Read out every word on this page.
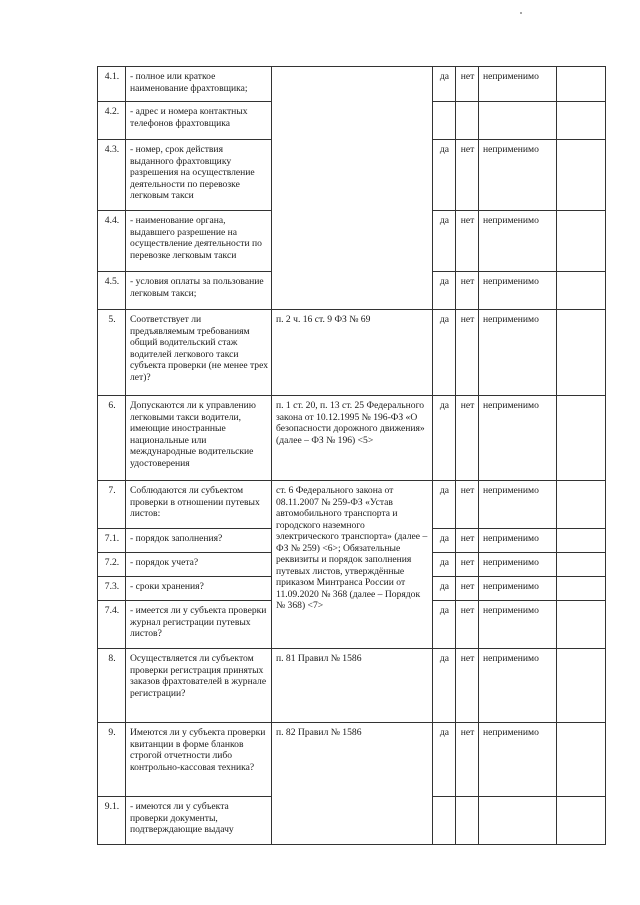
4.1.	- полное или краткое наименование фрахтовщика;		да	нет	неприменимо	
4.2.	- адрес и номера контактных телефонов фрахтовщика					
4.3.	- номер, срок действия выданного фрахтовщику разрешения на осуществление деятельности по перевозке легковым такси		да	нет	неприменимо	
4.4.	- наименование органа, выдавшего разрешение на осуществление деятельности по перевозке легковым такси		да	нет	неприменимо	
4.5.	- условия оплаты за пользование легковым такси;		да	нет	неприменимо	
5.	Соответствует ли предъявляемым требованиям общий водительский стаж водителей легкового такси субъекта проверки (не менее трех лет)?	п. 2 ч. 16 ст. 9 ФЗ № 69	да	нет	неприменимо	
6.	Допускаются ли к управлению легковыми такси водители, имеющие иностранные национальные или международные водительские удостоверения	п. 1 ст. 20, п. 13 ст. 25 Федерального закона от 10.12.1995 № 196-ФЗ «О безопасности дорожного движения» (далее – ФЗ № 196) <5>	да	нет	неприменимо	
7.	Соблюдаются ли субъектом проверки в отношении путевых листов:	ст. 6 Федерального закона от 08.11.2007 № 259-ФЗ «Устав автомобильного транспорта и городского наземного электрического транспорта» (далее – ФЗ № 259) <6>; Обязательные реквизиты и порядок заполнения путевых листов, утверждённые приказом Минтранса России от 11.09.2020 № 368 (далее – Порядок № 368) <7>	да	нет	неприменимо	
7.1.	- порядок заполнения?		да	нет	неприменимо	
7.2.	- порядок учета?		да	нет	неприменимо	
7.3.	- сроки хранения?		да	нет	неприменимо	
7.4.	- имеется ли у субъекта проверки журнал регистрации путевых листов?		да	нет	неприменимо	
8.	Осуществляется ли субъектом проверки регистрация принятых заказов фрахтователей в журнале регистрации?	п. 81 Правил № 1586	да	нет	неприменимо	
9.	Имеются ли у субъекта проверки квитанции в форме бланков строгой отчетности либо контрольно-кассовая техника?	п. 82 Правил № 1586	да	нет	неприменимо	
9.1.	- имеются ли у субъекта проверки документы, подтверждающие выдачу					
